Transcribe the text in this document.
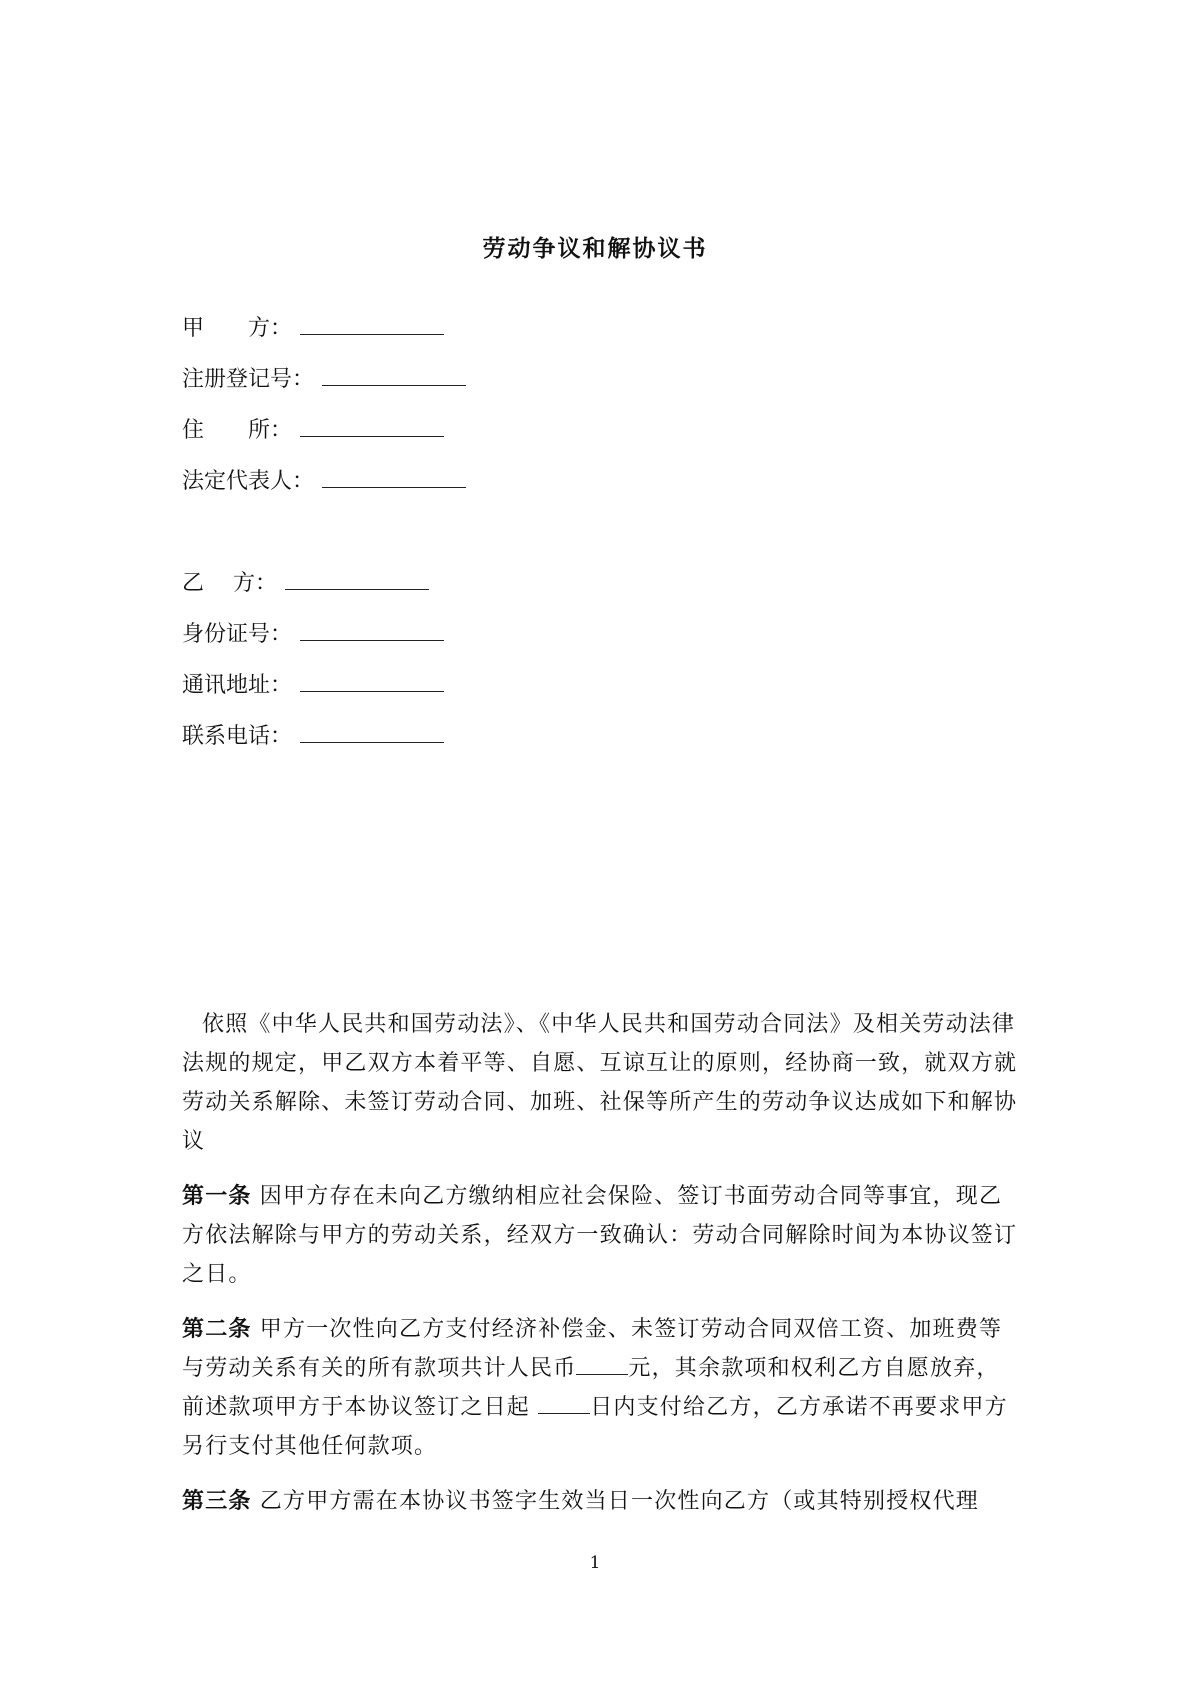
劳动争议和解协议书
甲　　方：
注册登记号：
住　　所：
法定代表人：
乙　 方：
身份证号：
通讯地址：
联系电话：

依照《中华人民共和国劳动法》、《中华人民共和国劳动合同法》及相关劳动法律法规的规定，甲乙双方本着平等、自愿、互谅互让的原则，经协商一致，就双方就劳动关系解除、未签订劳动合同、加班、社保等所产生的劳动争议达成如下和解协议

第一条 因甲方存在未向乙方缴纳相应社会保险、签订书面劳动合同等事宜，现乙方依法解除与甲方的劳动关系，经双方一致确认：劳动合同解除时间为本协议签订之日。

第二条 甲方一次性向乙方支付经济补偿金、未签订劳动合同双倍工资、加班费等与劳动关系有关的所有款项共计人民币 元，其余款项和权利乙方自愿放弃，前述款项甲方于本协议签订之日起 日内支付给乙方，乙方承诺不再要求甲方另行支付其他任何款项。

第三条 乙方甲方需在本协议书签字生效当日一次性向乙方（或其特别授权代理

1
